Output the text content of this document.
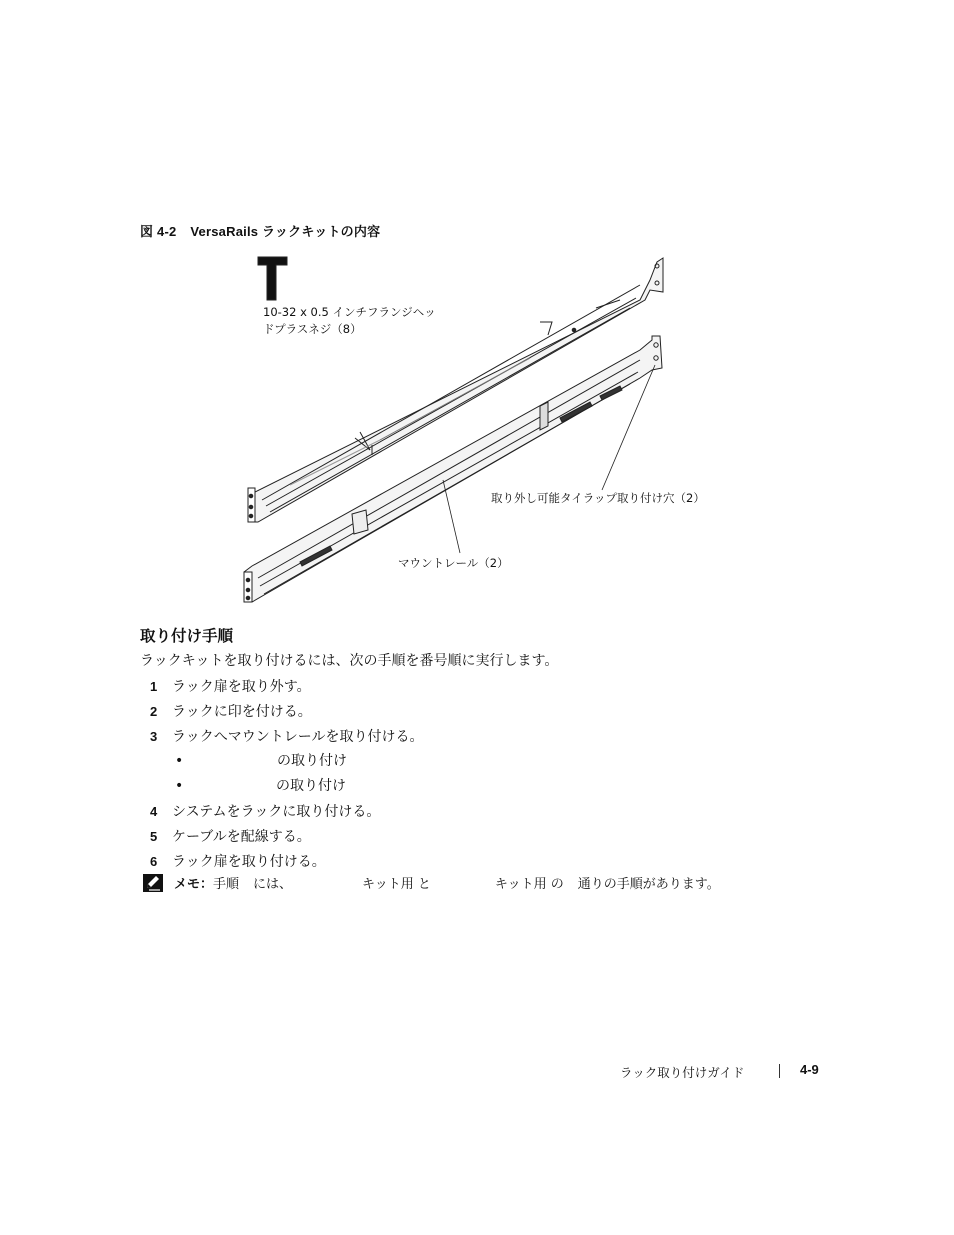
図 4-2 VersaRails ラックキットの内容
10-32 x 0.5 インチフランジヘッ
ドプラスネジ（8）
取り外し可能タイラップ取り付け穴（2）
マウントレール（2）
取り付け手順
ラックキットを取り付けるには、次の手順を番号順に実行します。
1 ラック扉を取り外す。
2 ラックに印を付ける。
3 ラックへマウントレールを取り付ける。
•	の取り付け
•	の取り付け
4 システムをラックに取り付ける。
5 ケーブルを配線する。
6 ラック扉を取り付ける。
メモ： 手順 には、	キット用 と	キット用 の 通りの手順があります。
ラック取り付けガイド	4-9
